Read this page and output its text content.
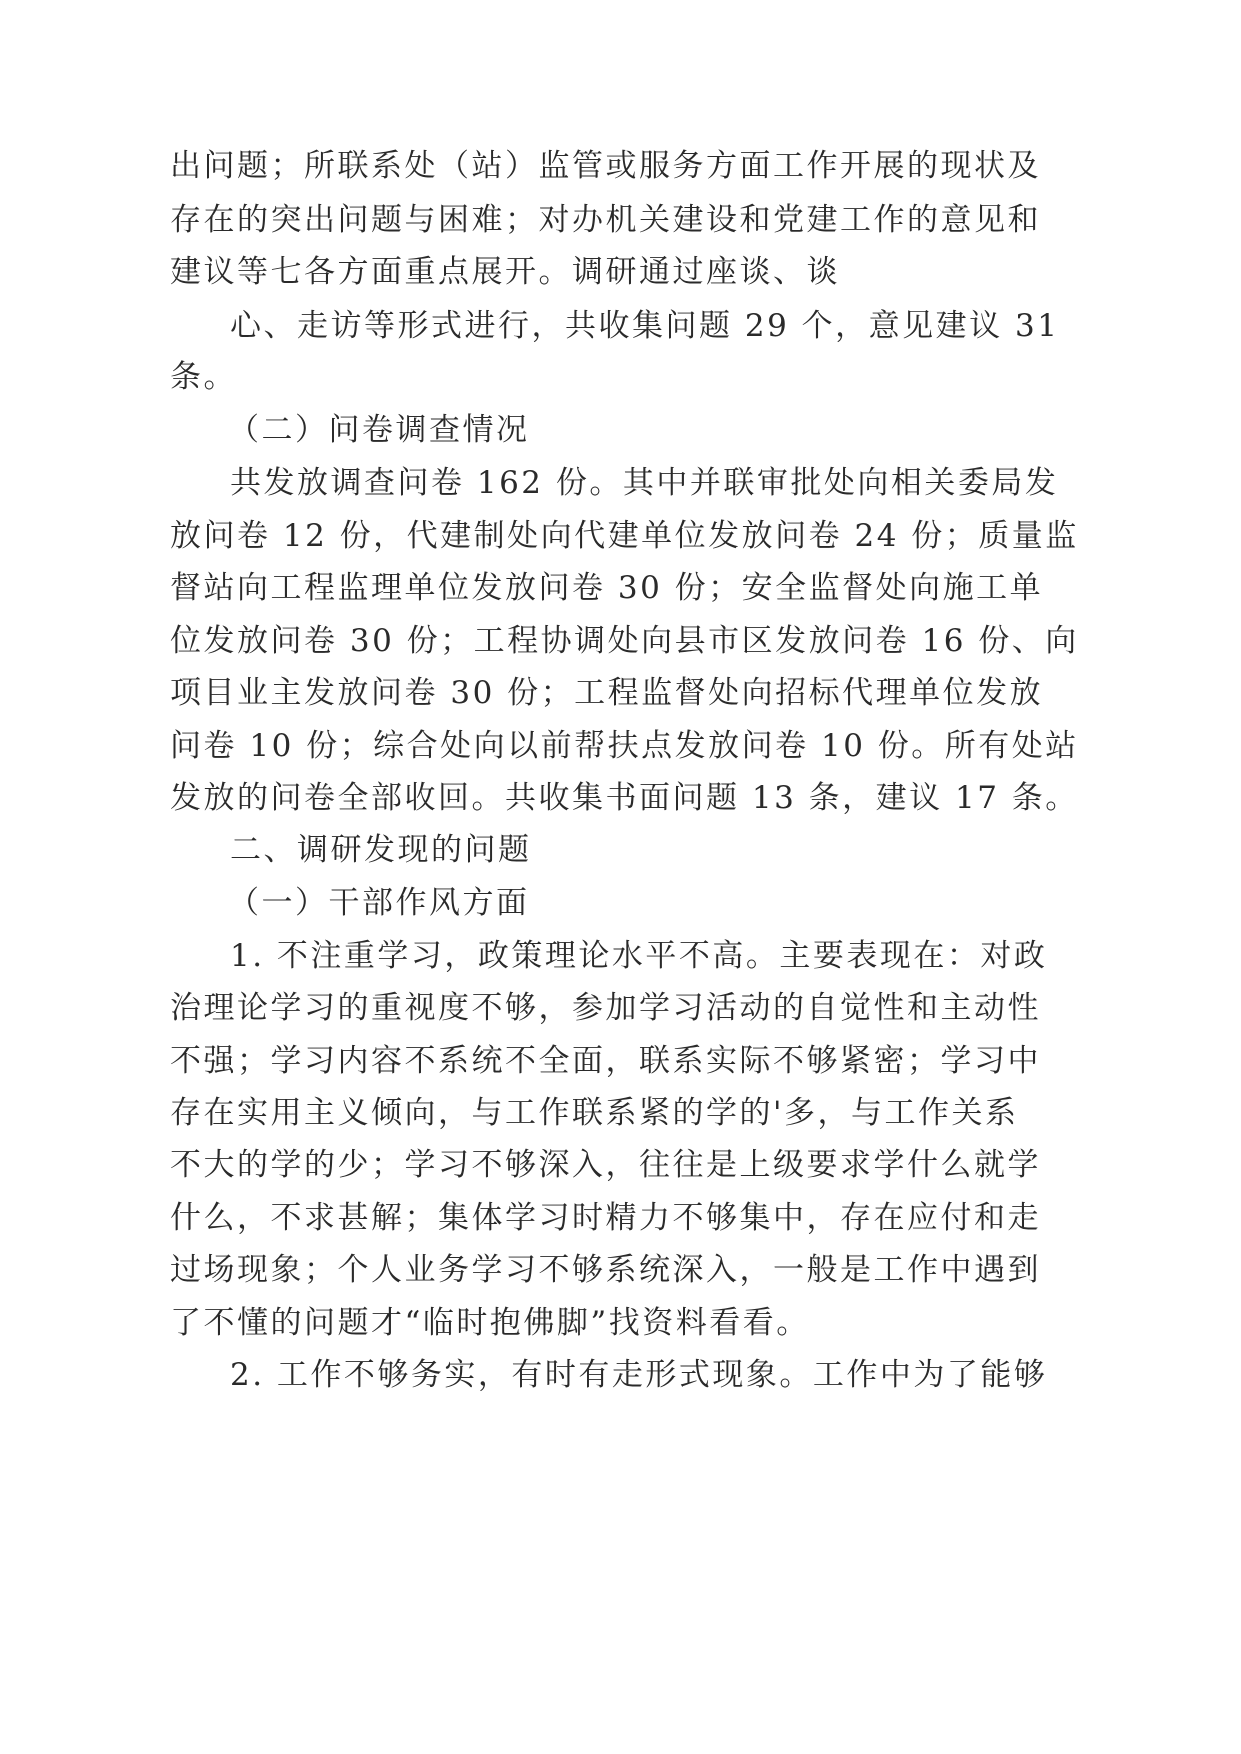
出问题；所联系处（站）监管或服务方面工作开展的现状及
存在的突出问题与困难；对办机关建设和党建工作的意见和
建议等七各方面重点展开。调研通过座谈、谈
心、走访等形式进行，共收集问题 29 个，意见建议 31
条。
（二）问卷调查情况
共发放调查问卷 162 份。其中并联审批处向相关委局发
放问卷 12 份，代建制处向代建单位发放问卷 24 份；质量监
督站向工程监理单位发放问卷 30 份；安全监督处向施工单
位发放问卷 30 份；工程协调处向县市区发放问卷 16 份、向
项目业主发放问卷 30 份；工程监督处向招标代理单位发放
问卷 10 份；综合处向以前帮扶点发放问卷 10 份。所有处站
发放的问卷全部收回。共收集书面问题 13 条，建议 17 条。
二、调研发现的问题
（一）干部作风方面
1. 不注重学习，政策理论水平不高。主要表现在：对政
治理论学习的重视度不够，参加学习活动的自觉性和主动性
不强；学习内容不系统不全面，联系实际不够紧密；学习中
存在实用主义倾向，与工作联系紧的学的'多，与工作关系
不大的学的少；学习不够深入，往往是上级要求学什么就学
什么，不求甚解；集体学习时精力不够集中，存在应付和走
过场现象；个人业务学习不够系统深入，一般是工作中遇到
了不懂的问题才“临时抱佛脚”找资料看看。
2. 工作不够务实，有时有走形式现象。工作中为了能够
